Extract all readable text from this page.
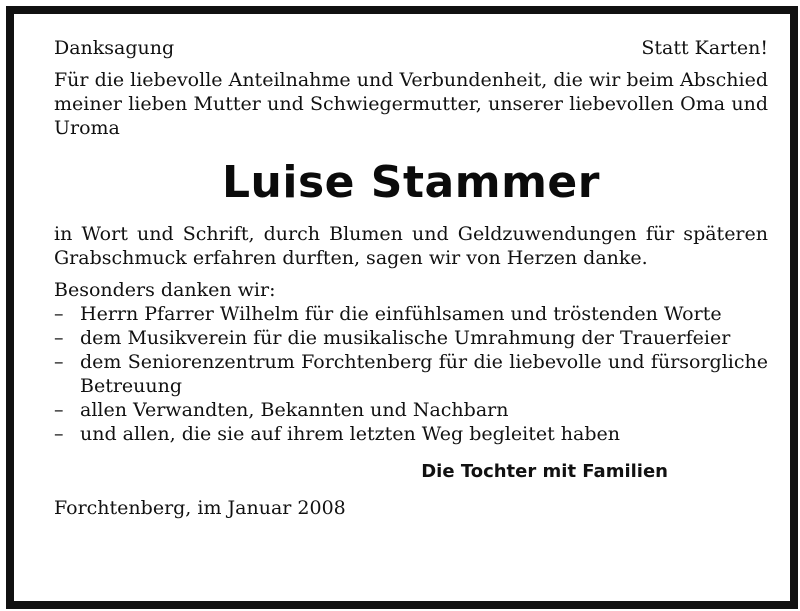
Danksagung	Statt Karten!
Für die liebevolle Anteilnahme und Verbundenheit, die wir beim Abschied meiner lieben Mutter und Schwiegermutter, unserer liebevollen Oma und Uroma
Luise Stammer
in Wort und Schrift, durch Blumen und Geldzuwendungen für späteren Grabschmuck erfahren durften, sagen wir von Herzen danke.
Besonders danken wir:
– Herrn Pfarrer Wilhelm für die einfühlsamen und tröstenden Worte
– dem Musikverein für die musikalische Umrahmung der Trauerfeier
– dem Seniorenzentrum Forchtenberg für die liebevolle und fürsorgliche Betreuung
– allen Verwandten, Bekannten und Nachbarn
– und allen, die sie auf ihrem letzten Weg begleitet haben
Die Tochter mit Familien
Forchtenberg, im Januar 2008
